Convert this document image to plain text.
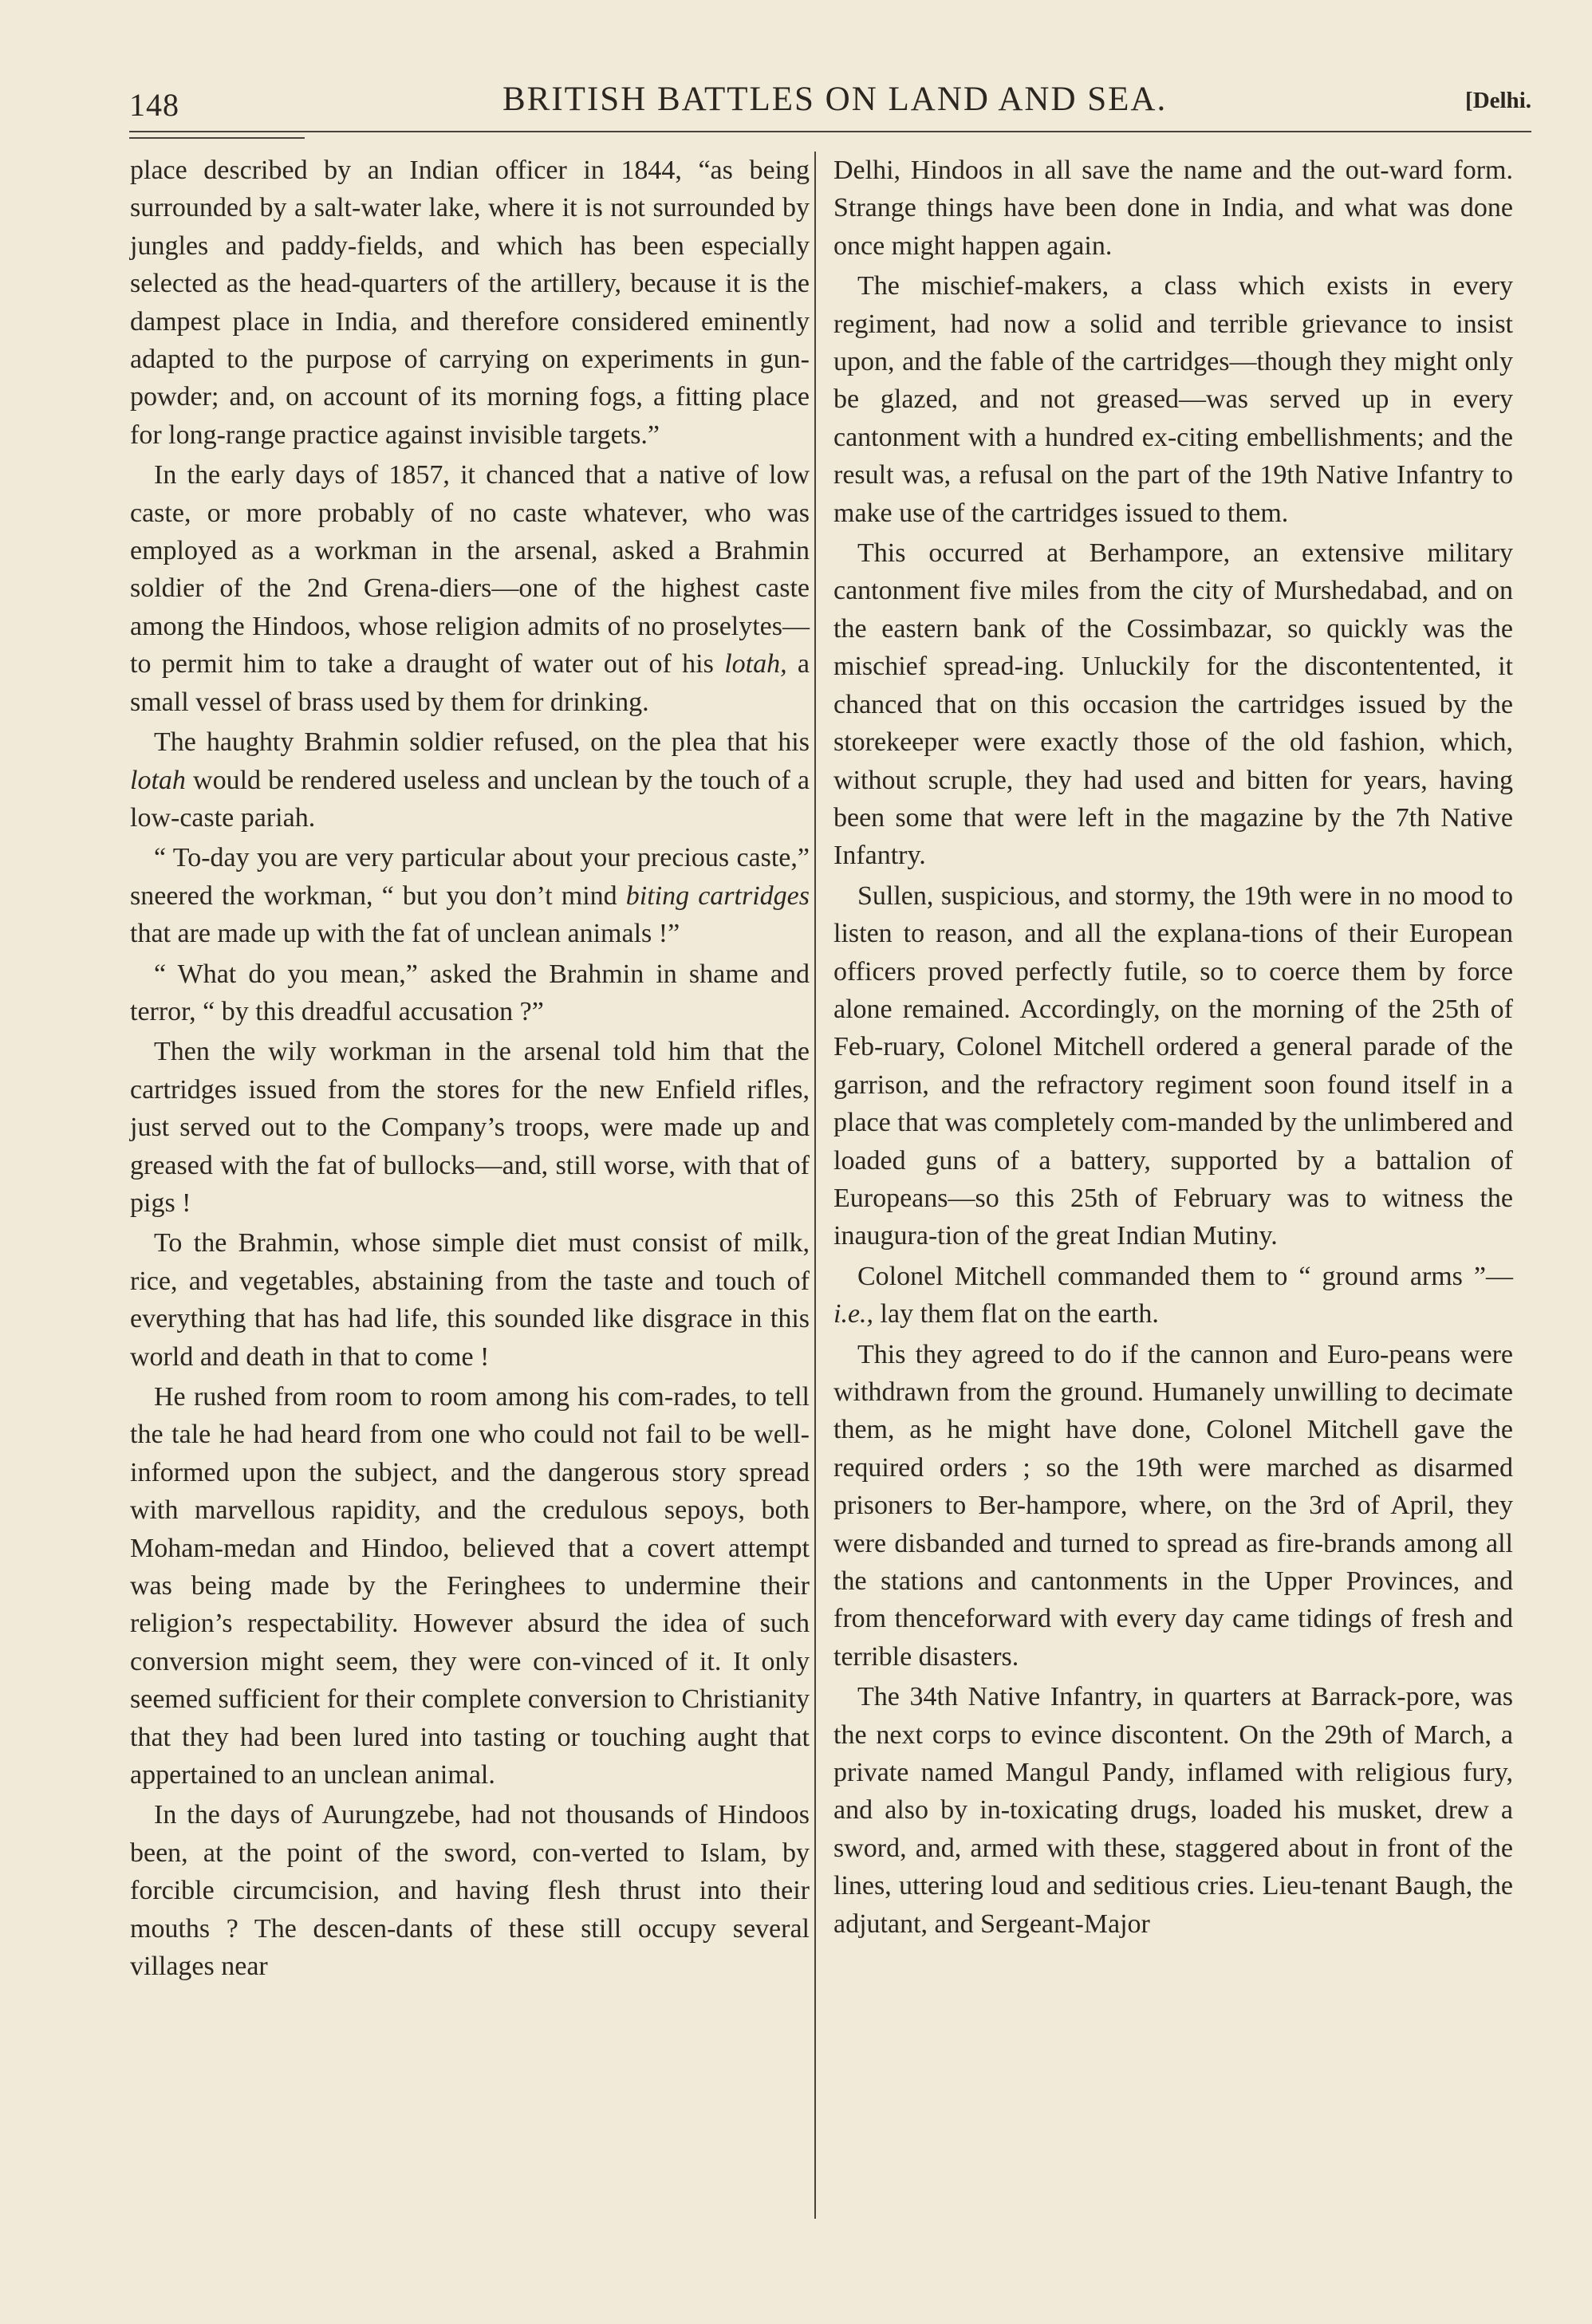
148	BRITISH BATTLES ON LAND AND SEA.	[Delhi.

place described by an Indian officer in 1844, “as being surrounded by a salt-water lake, where it is not surrounded by jungles and paddy-fields, and which has been especially selected as the head-quarters of the artillery, because it is the dampest place in India, and therefore considered eminently adapted to the purpose of carrying on experiments in gun-powder; and, on account of its morning fogs, a fitting place for long-range practice against invisible targets.”

In the early days of 1857, it chanced that a native of low caste, or more probably of no caste whatever, who was employed as a workman in the arsenal, asked a Brahmin soldier of the 2nd Grena-diers—one of the highest caste among the Hindoos, whose religion admits of no proselytes—to permit him to take a draught of water out of his lotah, a small vessel of brass used by them for drinking.

The haughty Brahmin soldier refused, on the plea that his lotah would be rendered useless and unclean by the touch of a low-caste pariah.

“ To-day you are very particular about your precious caste,” sneered the workman, “ but you don’t mind biting cartridges that are made up with the fat of unclean animals !”

“ What do you mean,” asked the Brahmin in shame and terror, “ by this dreadful accusation ?”

Then the wily workman in the arsenal told him that the cartridges issued from the stores for the new Enfield rifles, just served out to the Company’s troops, were made up and greased with the fat of bullocks—and, still worse, with that of pigs !

To the Brahmin, whose simple diet must consist of milk, rice, and vegetables, abstaining from the taste and touch of everything that has had life, this sounded like disgrace in this world and death in that to come !

He rushed from room to room among his com-rades, to tell the tale he had heard from one who could not fail to be well-informed upon the subject, and the dangerous story spread with marvellous rapidity, and the credulous sepoys, both Moham-medan and Hindoo, believed that a covert attempt was being made by the Feringhees to undermine their religion’s respectability. However absurd the idea of such conversion might seem, they were con-vinced of it. It only seemed sufficient for their complete conversion to Christianity that they had been lured into tasting or touching aught that appertained to an unclean animal.

In the days of Aurungzebe, had not thousands of Hindoos been, at the point of the sword, con-verted to Islam, by forcible circumcision, and having flesh thrust into their mouths ? The descen-dants of these still occupy several villages near

Delhi, Hindoos in all save the name and the out-ward form. Strange things have been done in India, and what was done once might happen again.

The mischief-makers, a class which exists in every regiment, had now a solid and terrible grievance to insist upon, and the fable of the cartridges—though they might only be glazed, and not greased—was served up in every cantonment with a hundred ex-citing embellishments; and the result was, a refusal on the part of the 19th Native Infantry to make use of the cartridges issued to them.

This occurred at Berhampore, an extensive military cantonment five miles from the city of Murshedabad, and on the eastern bank of the Cossimbazar, so quickly was the mischief spread-ing. Unluckily for the discontentented, it chanced that on this occasion the cartridges issued by the storekeeper were exactly those of the old fashion, which, without scruple, they had used and bitten for years, having been some that were left in the magazine by the 7th Native Infantry.

Sullen, suspicious, and stormy, the 19th were in no mood to listen to reason, and all the explana-tions of their European officers proved perfectly futile, so to coerce them by force alone remained. Accordingly, on the morning of the 25th of Feb-ruary, Colonel Mitchell ordered a general parade of the garrison, and the refractory regiment soon found itself in a place that was completely com-manded by the unlimbered and loaded guns of a battery, supported by a battalion of Europeans—so this 25th of February was to witness the inaugura-tion of the great Indian Mutiny.

Colonel Mitchell commanded them to “ ground arms ”—i.e., lay them flat on the earth.

This they agreed to do if the cannon and Euro-peans were withdrawn from the ground. Humanely unwilling to decimate them, as he might have done, Colonel Mitchell gave the required orders ; so the 19th were marched as disarmed prisoners to Ber-hampore, where, on the 3rd of April, they were disbanded and turned to spread as fire-brands among all the stations and cantonments in the Upper Provinces, and from thenceforward with every day came tidings of fresh and terrible disasters.

The 34th Native Infantry, in quarters at Barrack-pore, was the next corps to evince discontent. On the 29th of March, a private named Mangul Pandy, inflamed with religious fury, and also by in-toxicating drugs, loaded his musket, drew a sword, and, armed with these, staggered about in front of the lines, uttering loud and seditious cries. Lieu-tenant Baugh, the adjutant, and Sergeant-Major
